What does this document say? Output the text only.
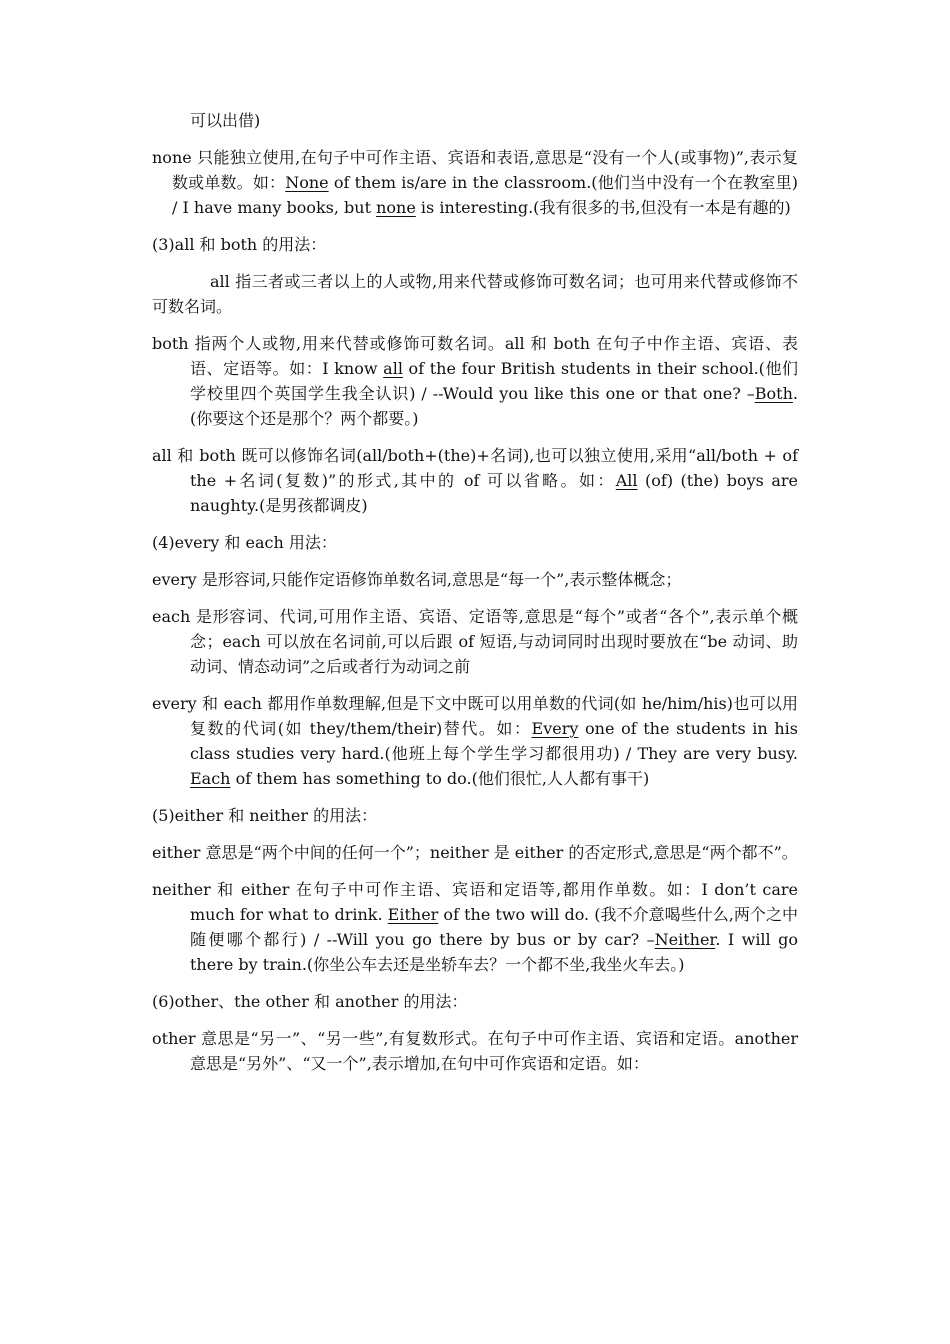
可以出借)

none 只能独立使用,在句子中可作主语、宾语和表语,意思是“没有一个人(或事物)”,表示复数或单数。如：None of them is/are in the classroom.(他们当中没有一个在教室里) / I have many books, but none is interesting.(我有很多的书,但没有一本是有趣的)

(3)all 和 both 的用法：

all 指三者或三者以上的人或物,用来代替或修饰可数名词；也可用来代替或修饰不可数名词。

both 指两个人或物,用来代替或修饰可数名词。all 和 both 在句子中作主语、宾语、表语、定语等。如：I know all of the four British students in their school.(他们学校里四个英国学生我全认识) / --Would you like this one or that one? –Both.(你要这个还是那个？两个都要。)

all 和 both 既可以修饰名词(all/both+(the)+名词),也可以独立使用,采用“all/both + of the +名词(复数)”的形式,其中的 of 可以省略。如：All (of) (the) boys are naughty.(是男孩都调皮)

(4)every 和 each 用法：

every 是形容词,只能作定语修饰单数名词,意思是“每一个”,表示整体概念；

each 是形容词、代词,可用作主语、宾语、定语等,意思是“每个”或者“各个”,表示单个概念；each 可以放在名词前,可以后跟 of 短语,与动词同时出现时要放在“be 动词、助动词、情态动词”之后或者行为动词之前

every 和 each 都用作单数理解,但是下文中既可以用单数的代词(如 he/him/his)也可以用复数的代词(如 they/them/their)替代。如：Every one of the students in his class studies very hard.(他班上每个学生学习都很用功) / They are very busy. Each of them has something to do.(他们很忙,人人都有事干)

(5)either 和 neither 的用法：

either 意思是“两个中间的任何一个”；neither 是 either 的否定形式,意思是“两个都不”。

neither 和 either 在句子中可作主语、宾语和定语等,都用作单数。如：I don’t care much for what to drink. Either of the two will do. (我不介意喝些什么,两个之中随便哪个都行) / --Will you go there by bus or by car? –Neither. I will go there by train.(你坐公车去还是坐轿车去？一个都不坐,我坐火车去。)

(6)other、the other 和 another 的用法：

other 意思是“另一”、“另一些”,有复数形式。在句子中可作主语、宾语和定语。another 意思是“另外”、“又一个”,表示增加,在句中可作宾语和定语。如：
